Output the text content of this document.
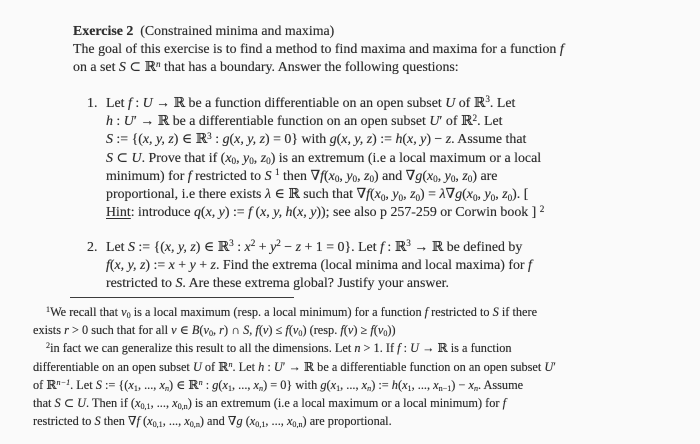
Exercise 2  (Constrained minima and maxima)
The goal of this exercise is to find a method to find maxima and maxima for a function f
on a set S ⊂ ℝ$^n$ that has a boundary. Answer the following questions:
1. Let f : U → ℝ be a function differentiable on an open subset U of ℝ$^3$. Let
h : U′ → ℝ be a differentiable function on an open subset U′ of ℝ$^2$. Let
S := {(x, y, z) ∈ ℝ$^3$ : g(x, y, z) = 0} with g(x, y, z) := h(x, y) − z. Assume that
S ⊂ U. Prove that if (x0, y0, z0) is an extremum (i.e a local maximum or a local
minimum) for f restricted to S $^1$ then ∇f(x0, y0, z0) and ∇g(x0, y0, z0) are
proportional, i.e there exists λ ∈ ℝ such that ∇f(x0, y0, z0) = λ∇g(x0, y0, z0). [
Hint: introduce q(x, y) := f (x, y, h(x, y)); see also p 257-259 or Corwin book ] $^2$
2. Let S := {(x, y, z) ∈ ℝ$^3$ : $x^2 + y^2 - z + 1 = 0$}. Let f : ℝ$^3$ → ℝ be defined by
f(x, y, z) := x + y + z. Find the extrema (local minima and local maxima) for f
restricted to S. Are these extrema global? Justify your answer.
$^1$We recall that v0 is a local maximum (resp. a local minimum) for a function f restricted to S if there
exists r > 0 such that for all v ∈ B(v0, r) ∩ S, f(v) ≤ f(v0) (resp. f(v) ≥ f(v0))
$^2$in fact we can generalize this result to all the dimensions. Let n > 1. If f : U → ℝ is a function
differentiable on an open subset U of ℝ$^n$. Let h : U′ → ℝ be a differentiable function on an open subset U′
of ℝ$^{n-1}$. Let S := {(x1, ..., xn) ∈ ℝ$^n$ : g(x1, ..., xn) = 0} with g(x1, ..., xn) := h(x1, ..., xn−1) − xn. Assume
that S ⊂ U. Then if (x0,1, ..., x0,n) is an extremum (i.e a local maximum or a local minimum) for f
restricted to S then ∇f (x0,1, ..., x0,n) and ∇g (x0,1, ..., x0,n) are proportional.
